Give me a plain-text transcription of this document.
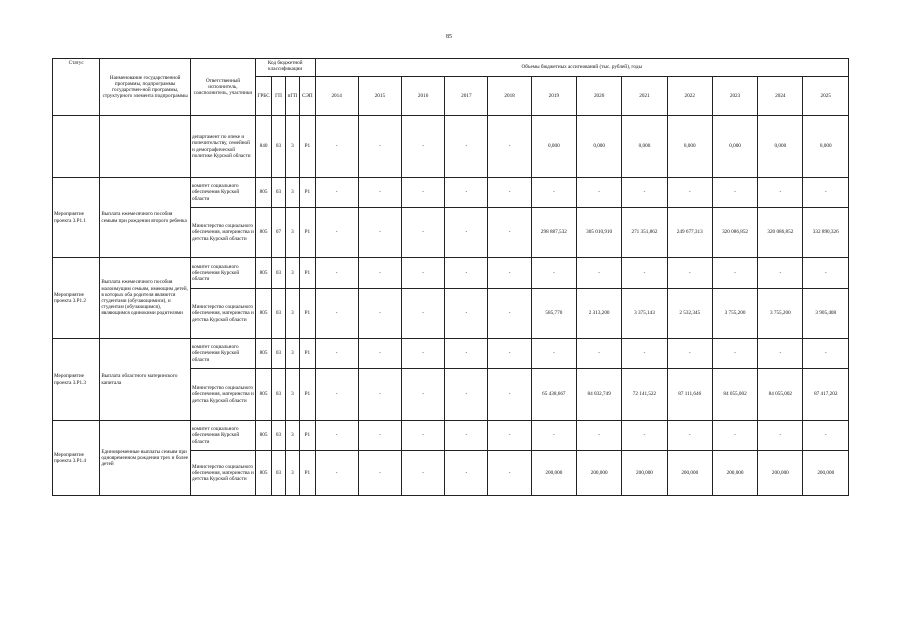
85
Статус	Наименование государственной программы, подпрограммы государствен-ной программы, структурного элемента подпрограммы	Ответственный исполнитель, соисполнитель, участники	Код бюджетной классификации				Объемы бюджетных ассигнований (тыс. рублей), годы											
			ГРБС	ГП	пГП	СЭП	2014	2015	2016	2017	2018	2019	2020	2021	2022	2023	2024	2025
		департамент по опеке и попечительству, семейной и демографической политике Курской области	840	03	3	P1	-	-	-	-	-	0,000	0,000	0,000	0,000	0,000	0,000	0,000
Мероприятие проекта 3.P1.1	Выплата ежемесячного пособия семьям при рождении второго ребенка	комитет социального обеспечения Курской области	805	03	3	P1	-	-	-	-	-	-	-	-	-	-	-	-
		Министерство социального обеспечения, материнства и детства Курской области	805	07	3	P1	-	-	-	-	-	298 887,532	305 010,910	271 351,862	249 677,313	320 086,852	320 086,852	332 890,326
Мероприятие проекта 3.P1.2	Выплата ежемесячного пособия малоимущим семьям, имеющим детей, в которых оба родителя являются студентами (обучающимися), и студентам (обучающимся), являющимся одинокими родителями	комитет социального обеспечения Курской области	805	03	3	P1	-	-	-	-	-	-	-	-	-	-	-	-
		Министерство социального обеспечения, материнства и детства Курской области	805	03	3	P1	-	-	-	-	-	585,770	2 313,200	3 375,143	2 532,345	3 755,200	3 755,200	3 905,408
Мероприятие проекта 3.P1.3	Выплата областного материнского капитала	комитет социального обеспечения Курской области	805	03	3	P1	-	-	-	-	-	-	-	-	-	-	-	-
		Министерство социального обеспечения, материнства и детства Курской области	805	03	3	P1	-	-	-	-	-	65 438,667	84 032,749	72 141,522	87 111,646	84 055,002	84 055,002	87 417,202
Мероприятие проекта 3.P1.4	Единовременные выплаты семьям при одновременном рождении трех и более детей	комитет социального обеспечения Курской области	805	03	3	P1	-	-	-	-	-	-	-	-	-	-	-	-
		Министерство социального обеспечения, материнства и детства Курской области	805	03	3	P1	-	-	-	-	-	200,000	200,000	200,000	200,000	200,000	200,000	200,000
